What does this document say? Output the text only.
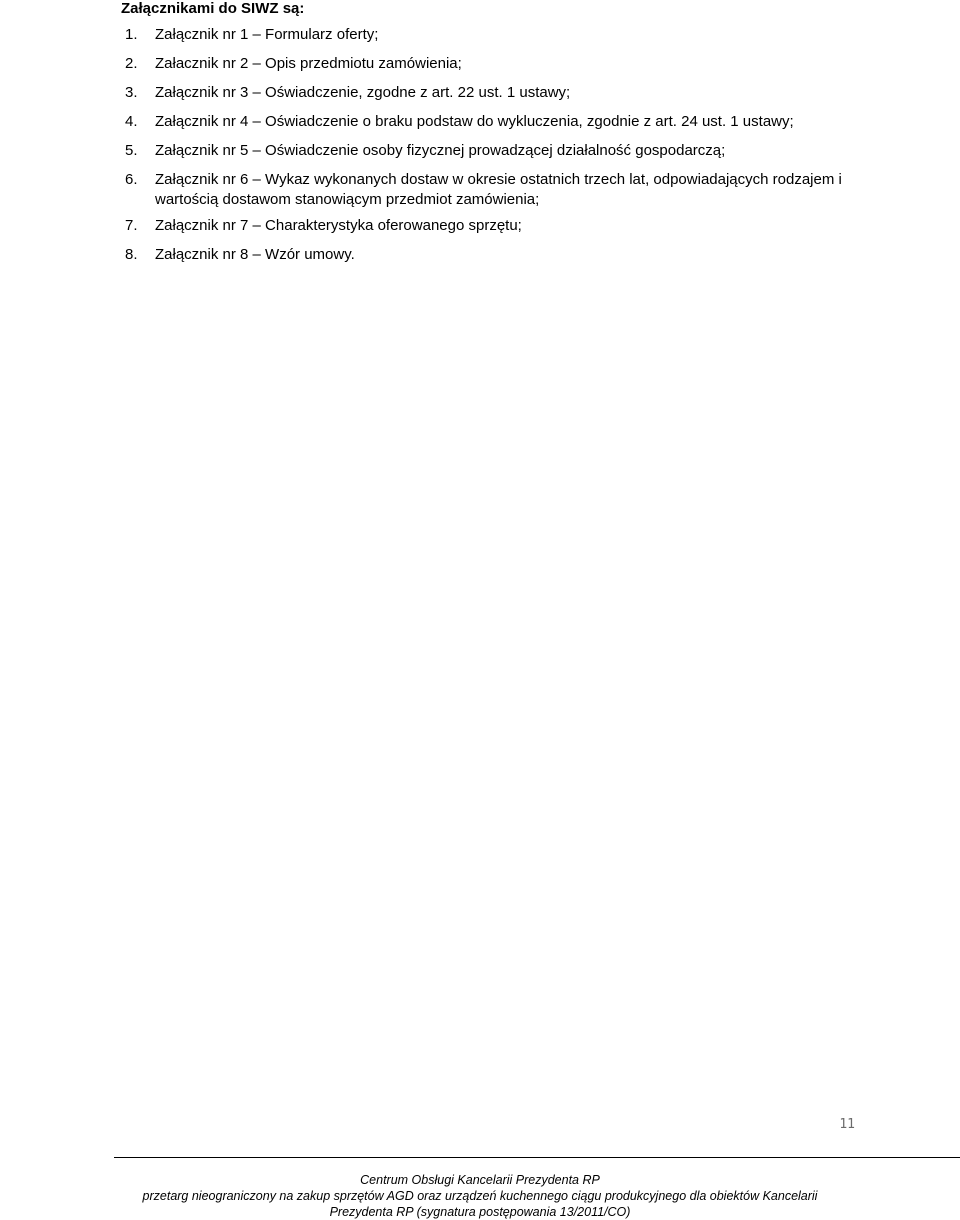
Załącznikami do SIWZ są:
1. Załącznik nr 1 – Formularz oferty;
2. Załacznik nr 2 – Opis przedmiotu zamówienia;
3. Załącznik nr 3 – Oświadczenie, zgodne z art. 22 ust. 1 ustawy;
4. Załącznik nr 4 – Oświadczenie o braku podstaw do wykluczenia, zgodnie z art. 24 ust. 1 ustawy;
5. Załącznik nr 5 – Oświadczenie osoby fizycznej prowadzącej działalność gospodarczą;
6. Załącznik nr 6 – Wykaz wykonanych dostaw w okresie ostatnich trzech lat, odpowiadających rodzajem i wartością dostawom stanowiącym przedmiot zamówienia;
7. Załącznik nr 7 – Charakterystyka oferowanego sprzętu;
8. Załącznik nr 8 – Wzór umowy.
11
Centrum Obsługi Kancelarii Prezydenta RP
przetarg nieograniczony na zakup sprzętów AGD oraz urządzeń kuchennego ciągu produkcyjnego dla obiektów Kancelarii
Prezydenta RP (sygnatura postępowania 13/2011/CO)
